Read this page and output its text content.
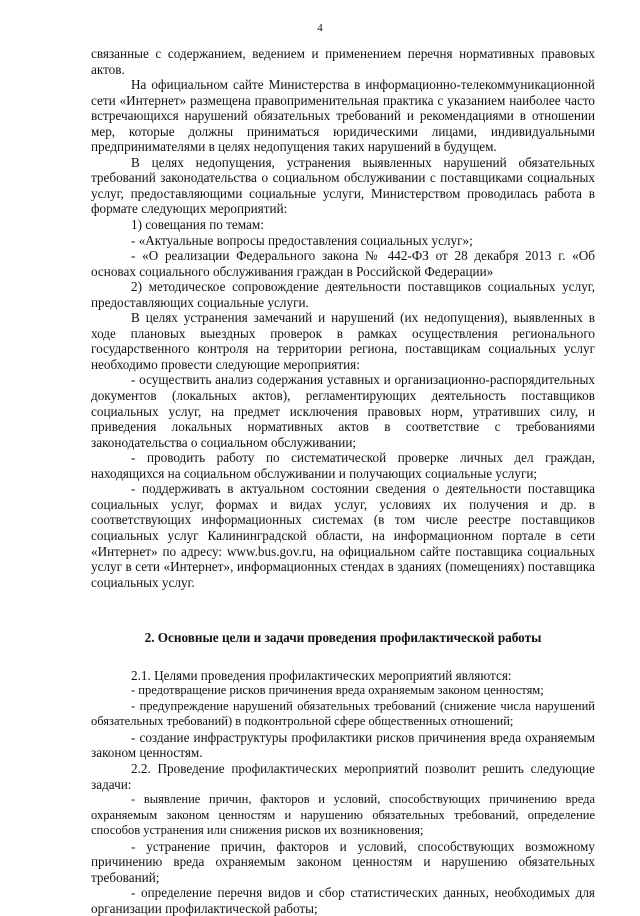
4

связанные с содержанием, ведением и применением перечня нормативных правовых актов.

На официальном сайте Министерства в информационно-телекоммуникационной сети «Интернет» размещена правоприменительная практика с указанием наиболее часто встречающихся нарушений обязательных требований и рекомендациями в отношении мер, которые должны приниматься юридическими лицами, индивидуальными предпринимателями в целях недопущения таких нарушений в будущем.

В целях недопущения, устранения выявленных нарушений обязательных требований законодательства о социальном обслуживании с поставщиками социальных услуг, предоставляющими социальные услуги, Министерством проводилась работа в формате следующих мероприятий:

1) совещания по темам:

- «Актуальные вопросы предоставления социальных услуг»;

- «О реализации Федерального закона № 442-ФЗ от 28 декабря 2013 г. «Об основах социального обслуживания граждан в Российской Федерации»

2) методическое сопровождение деятельности поставщиков социальных услуг, предоставляющих социальные услуги.

В целях устранения замечаний и нарушений (их недопущения), выявленных в ходе плановых выездных проверок в рамках осуществления регионального государственного контроля на территории региона, поставщикам социальных услуг необходимо провести следующие мероприятия:

- осуществить анализ содержания уставных и организационно-распорядительных документов (локальных актов), регламентирующих деятельность поставщиков социальных услуг, на предмет исключения правовых норм, утративших силу, и приведения локальных нормативных актов в соответствие с требованиями законодательства о социальном обслуживании;

- проводить работу по систематической проверке личных дел граждан, находящихся на социальном обслуживании и получающих социальные услуги;

- поддерживать в актуальном состоянии сведения о деятельности поставщика социальных услуг, формах и видах услуг, условиях их получения и др. в соответствующих информационных системах (в том числе реестре поставщиков социальных услуг Калининградской области, на информационном портале в сети «Интернет» по адресу: www.bus.gov.ru, на официальном сайте поставщика социальных услуг в сети «Интернет», информационных стендах в зданиях (помещениях) поставщика социальных услуг.

2. Основные цели и задачи проведения профилактической работы

2.1. Целями проведения профилактических мероприятий являются:

- предотвращение рисков причинения вреда охраняемым законом ценностям;

- предупреждение нарушений обязательных требований (снижение числа нарушений обязательных требований) в подконтрольной сфере общественных отношений;

- создание инфраструктуры профилактики рисков причинения вреда охраняемым законом ценностям.

2.2. Проведение профилактических мероприятий позволит решить следующие задачи:

- выявление причин, факторов и условий, способствующих причинению вреда охраняемым законом ценностям и нарушению обязательных требований, определение способов устранения или снижения рисков их возникновения;

- устранение причин, факторов и условий, способствующих возможному причинению вреда охраняемым законом ценностям и нарушению обязательных требований;

- определение перечня видов и сбор статистических данных, необходимых для организации профилактической работы;
